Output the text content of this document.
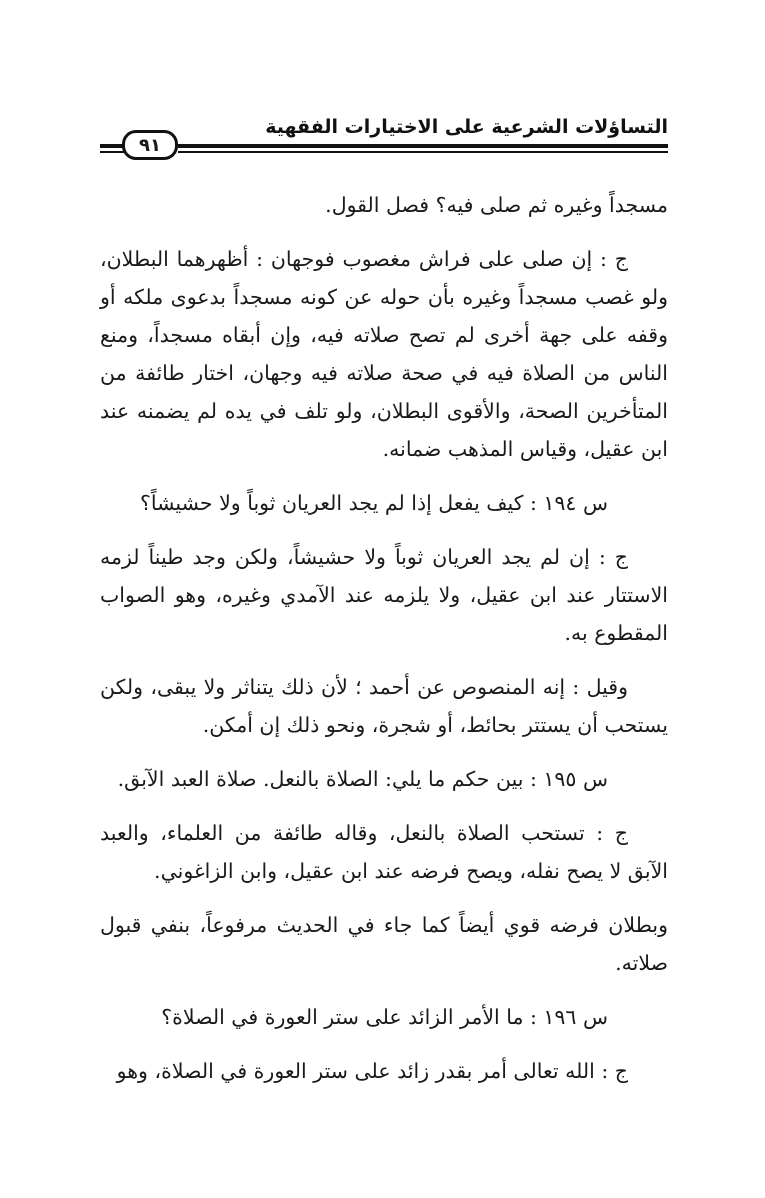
التساؤلات الشرعية على الاختيارات الفقهية
٩١

مسجداً وغيره ثم صلى فيه؟ فصل القول.

ج : إن صلى على فراش مغصوب فوجهان : أظهرهما البطلان، ولو غصب مسجداً وغيره بأن حوله عن كونه مسجداً بدعوى ملكه أو وقفه على جهة أخرى لم تصح صلاته فيه، وإن أبقاه مسجداً، ومنع الناس من الصلاة فيه في صحة صلاته فيه وجهان، اختار طائفة من المتأخرين الصحة، والأقوى البطلان، ولو تلف في يده لم يضمنه عند ابن عقيل، وقياس المذهب ضمانه.

س ١٩٤ : كيف يفعل إذا لم يجد العريان ثوباً ولا حشيشاً؟

ج : إن لم يجد العريان ثوباً ولا حشيشاً، ولكن وجد طيناً لزمه الاستتار عند ابن عقيل، ولا يلزمه عند الآمدي وغيره، وهو الصواب المقطوع به.

وقيل : إنه المنصوص عن أحمد ؛ لأن ذلك يتناثر ولا يبقى، ولكن يستحب أن يستتر بحائط، أو شجرة، ونحو ذلك إن أمكن.

س ١٩٥ : بين حكم ما يلي: الصلاة بالنعل. صلاة العبد الآبق.

ج : تستحب الصلاة بالنعل، وقاله طائفة من العلماء، والعبد الآبق لا يصح نفله، ويصح فرضه عند ابن عقيل، وابن الزاغوني.

وبطلان فرضه قوي أيضاً كما جاء في الحديث مرفوعاً، بنفي قبول صلاته.

س ١٩٦ : ما الأمر الزائد على ستر العورة في الصلاة؟

ج : الله تعالى أمر بقدر زائد على ستر العورة في الصلاة، وهو
